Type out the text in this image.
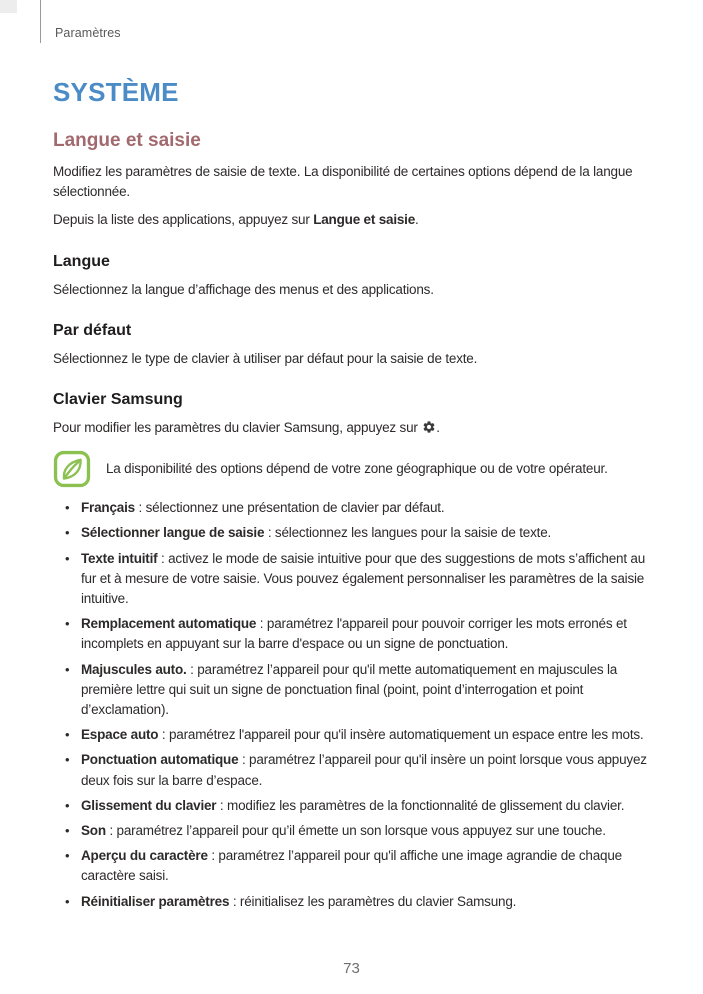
Paramètres
SYSTÈME
Langue et saisie

Modifiez les paramètres de saisie de texte. La disponibilité de certaines options dépend de la langue sélectionnée.

Depuis la liste des applications, appuyez sur Langue et saisie.

Langue

Sélectionnez la langue d’affichage des menus et des applications.

Par défaut

Sélectionnez le type de clavier à utiliser par défaut pour la saisie de texte.

Clavier Samsung

Pour modifier les paramètres du clavier Samsung, appuyez sur .

La disponibilité des options dépend de votre zone géographique ou de votre opérateur.

• Français : sélectionnez une présentation de clavier par défaut.
• Sélectionner langue de saisie : sélectionnez les langues pour la saisie de texte.
• Texte intuitif : activez le mode de saisie intuitive pour que des suggestions de mots s’affichent au fur et à mesure de votre saisie. Vous pouvez également personnaliser les paramètres de la saisie intuitive.
• Remplacement automatique : paramétrez l'appareil pour pouvoir corriger les mots erronés et incomplets en appuyant sur la barre d'espace ou un signe de ponctuation.
• Majuscules auto. : paramétrez l’appareil pour qu'il mette automatiquement en majuscules la première lettre qui suit un signe de ponctuation final (point, point d’interrogation et point d’exclamation).
• Espace auto : paramétrez l'appareil pour qu'il insère automatiquement un espace entre les mots.
• Ponctuation automatique : paramétrez l’appareil pour qu'il insère un point lorsque vous appuyez deux fois sur la barre d’espace.
• Glissement du clavier : modifiez les paramètres de la fonctionnalité de glissement du clavier.
• Son : paramétrez l’appareil pour qu’il émette un son lorsque vous appuyez sur une touche.
• Aperçu du caractère : paramétrez l’appareil pour qu'il affiche une image agrandie de chaque caractère saisi.
• Réinitialiser paramètres : réinitialisez les paramètres du clavier Samsung.
73
